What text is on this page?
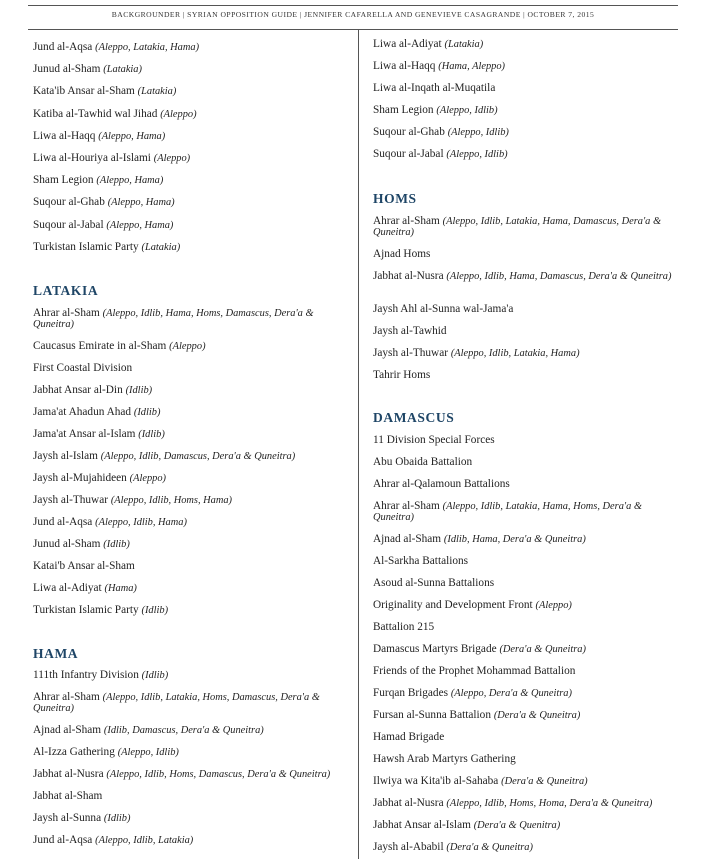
BACKGROUNDER | SYRIAN OPPOSITION GUIDE | JENNIFER CAFARELLA AND GENEVIEVE CASAGRANDE | OCTOBER 7, 2015
LATAKIA
HAMA
Jund al-Aqsa (Aleppo, Latakia, Hama)
Junud al-Sham (Latakia)
Kata'ib Ansar al-Sham (Latakia)
Katiba al-Tawhid wal Jihad (Aleppo)
Liwa al-Haqq (Aleppo, Hama)
Liwa al-Houriya al-Islami (Aleppo)
Sham Legion (Aleppo, Hama)
Suqour al-Ghab (Aleppo, Hama)
Suqour al-Jabal (Aleppo, Hama)
Turkistan Islamic Party (Latakia)
Ahrar al-Sham (Aleppo, Idlib, Hama, Homs, Damascus, Dera'a & Quneitra)
Caucasus Emirate in al-Sham (Aleppo)
First Coastal Division
Jabhat Ansar al-Din (Idlib)
Jama'at Ahadun Ahad (Idlib)
Jama'at Ansar al-Islam (Idlib)
Jaysh al-Islam (Aleppo, Idlib, Damascus, Dera'a & Quneitra)
Jaysh al-Mujahideen (Aleppo)
Jaysh al-Thuwar (Aleppo, Idlib, Homs, Hama)
Jund al-Aqsa (Aleppo, Idlib, Hama)
Junud al-Sham (Idlib)
Katai'b Ansar al-Sham
Liwa al-Adiyat (Hama)
Turkistan Islamic Party (Idlib)
111th Infantry Division (Idlib)
Ahrar al-Sham (Aleppo, Idlib, Latakia, Homs, Damascus, Dera'a & Quneitra)
Ajnad al-Sham (Idlib, Damascus, Dera'a & Quneitra)
Al-Izza Gathering (Aleppo, Idlib)
Jabhat al-Nusra (Aleppo, Idlib, Homs, Damascus, Dera'a & Quneitra)
Jabhat al-Sham
Jaysh al-Sunna (Idlib)
Jund al-Aqsa (Aleppo, Idlib, Latakia)
HOMS
DAMASCUS
Liwa al-Adiyat (Latakia)
Liwa al-Haqq (Hama, Aleppo)
Liwa al-Inqath al-Muqatila
Sham Legion (Aleppo, Idlib)
Suqour al-Ghab (Aleppo, Idlib)
Suqour al-Jabal (Aleppo, Idlib)
Ahrar al-Sham (Aleppo, Idlib, Latakia, Hama, Damascus, Dera'a & Quneitra)
Ajnad Homs
Jabhat al-Nusra (Aleppo, Idlib, Hama, Damascus, Dera'a & Quneitra)
Jaysh Ahl al-Sunna wal-Jama'a
Jaysh al-Tawhid
Jaysh al-Thuwar (Aleppo, Idlib, Latakia, Hama)
Tahrir Homs
11 Division Special Forces
Abu Obaida Battalion
Ahrar al-Qalamoun Battalions
Ahrar al-Sham (Aleppo, Idlib, Latakia, Hama, Homs, Dera'a & Quneitra)
Ajnad al-Sham (Idlib, Hama, Dera'a & Quneitra)
Al-Sarkha Battalions
Asoud al-Sunna Battalions
Originality and Development Front (Aleppo)
Battalion 215
Damascus Martyrs Brigade (Dera'a & Quneitra)
Friends of the Prophet Mohammad Battalion
Furqan Brigades (Aleppo, Dera'a & Quneitra)
Fursan al-Sunna Battalion (Dera'a & Quneitra)
Hamad Brigade
Hawsh Arab Martyrs Gathering
Ilwiya wa Kita'ib al-Sahaba (Dera'a & Quneitra)
Jabhat al-Nusra (Aleppo, Idlib, Homs, Homa, Dera'a & Quneitra)
Jabhat Ansar al-Islam (Dera'a & Quenitra)
Jaysh al-Ababil (Dera'a & Quneitra)
